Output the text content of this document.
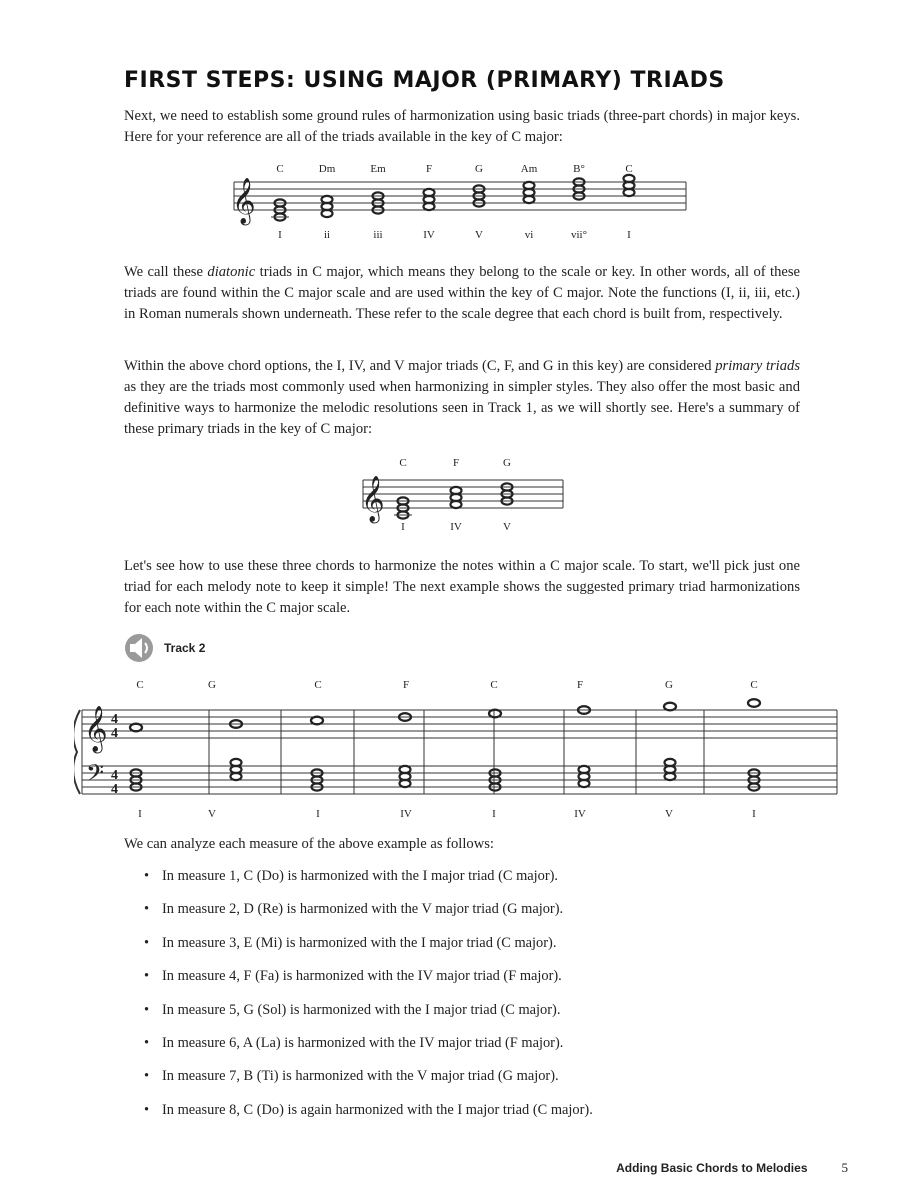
FIRST STEPS: USING MAJOR (PRIMARY) TRIADS

Next, we need to establish some ground rules of harmonization using basic triads (three-part chords) in major keys. Here for your reference are all of the triads available in the key of C major:

𝄞
C	Dm	Em	F	G	Am	B°	C
I	ii	iii	IV	V	vi	vii°	I

We call these diatonic triads in C major, which means they belong to the scale or key. In other words, all of these triads are found within the C major scale and are used within the key of C major. Note the functions (I, ii, iii, etc.) in Roman numerals shown underneath. These refer to the scale degree that each chord is built from, respectively.

Within the above chord options, the I, IV, and V major triads (C, F, and G in this key) are considered primary triads as they are the triads most commonly used when harmonizing in simpler styles. They also offer the most basic and definitive ways to harmonize the melodic resolutions seen in Track 1, as we will shortly see. Here's a summary of these primary triads in the key of C major:

𝄞
C	F	G
I	IV	V

Let's see how to use these three chords to harmonize the notes within a C major scale. To start, we'll pick just one triad for each melody note to keep it simple! The next example shows the suggested primary triad harmonizations for each note within the C major scale.

Track 2
𝄞
𝄢
4
4
4
4
C	G	C	F	C	F	G	C
I	V	I	IV	I	IV	V	I

We can analyze each measure of the above example as follows:

• In measure 1, C (Do) is harmonized with the I major triad (C major).
• In measure 2, D (Re) is harmonized with the V major triad (G major).
• In measure 3, E (Mi) is harmonized with the I major triad (C major).
• In measure 4, F (Fa) is harmonized with the IV major triad (F major).
• In measure 5, G (Sol) is harmonized with the I major triad (C major).
• In measure 6, A (La) is harmonized with the IV major triad (F major).
• In measure 7, B (Ti) is harmonized with the V major triad (G major).
• In measure 8, C (Do) is again harmonized with the I major triad (C major).
Adding Basic Chords to Melodies	5
